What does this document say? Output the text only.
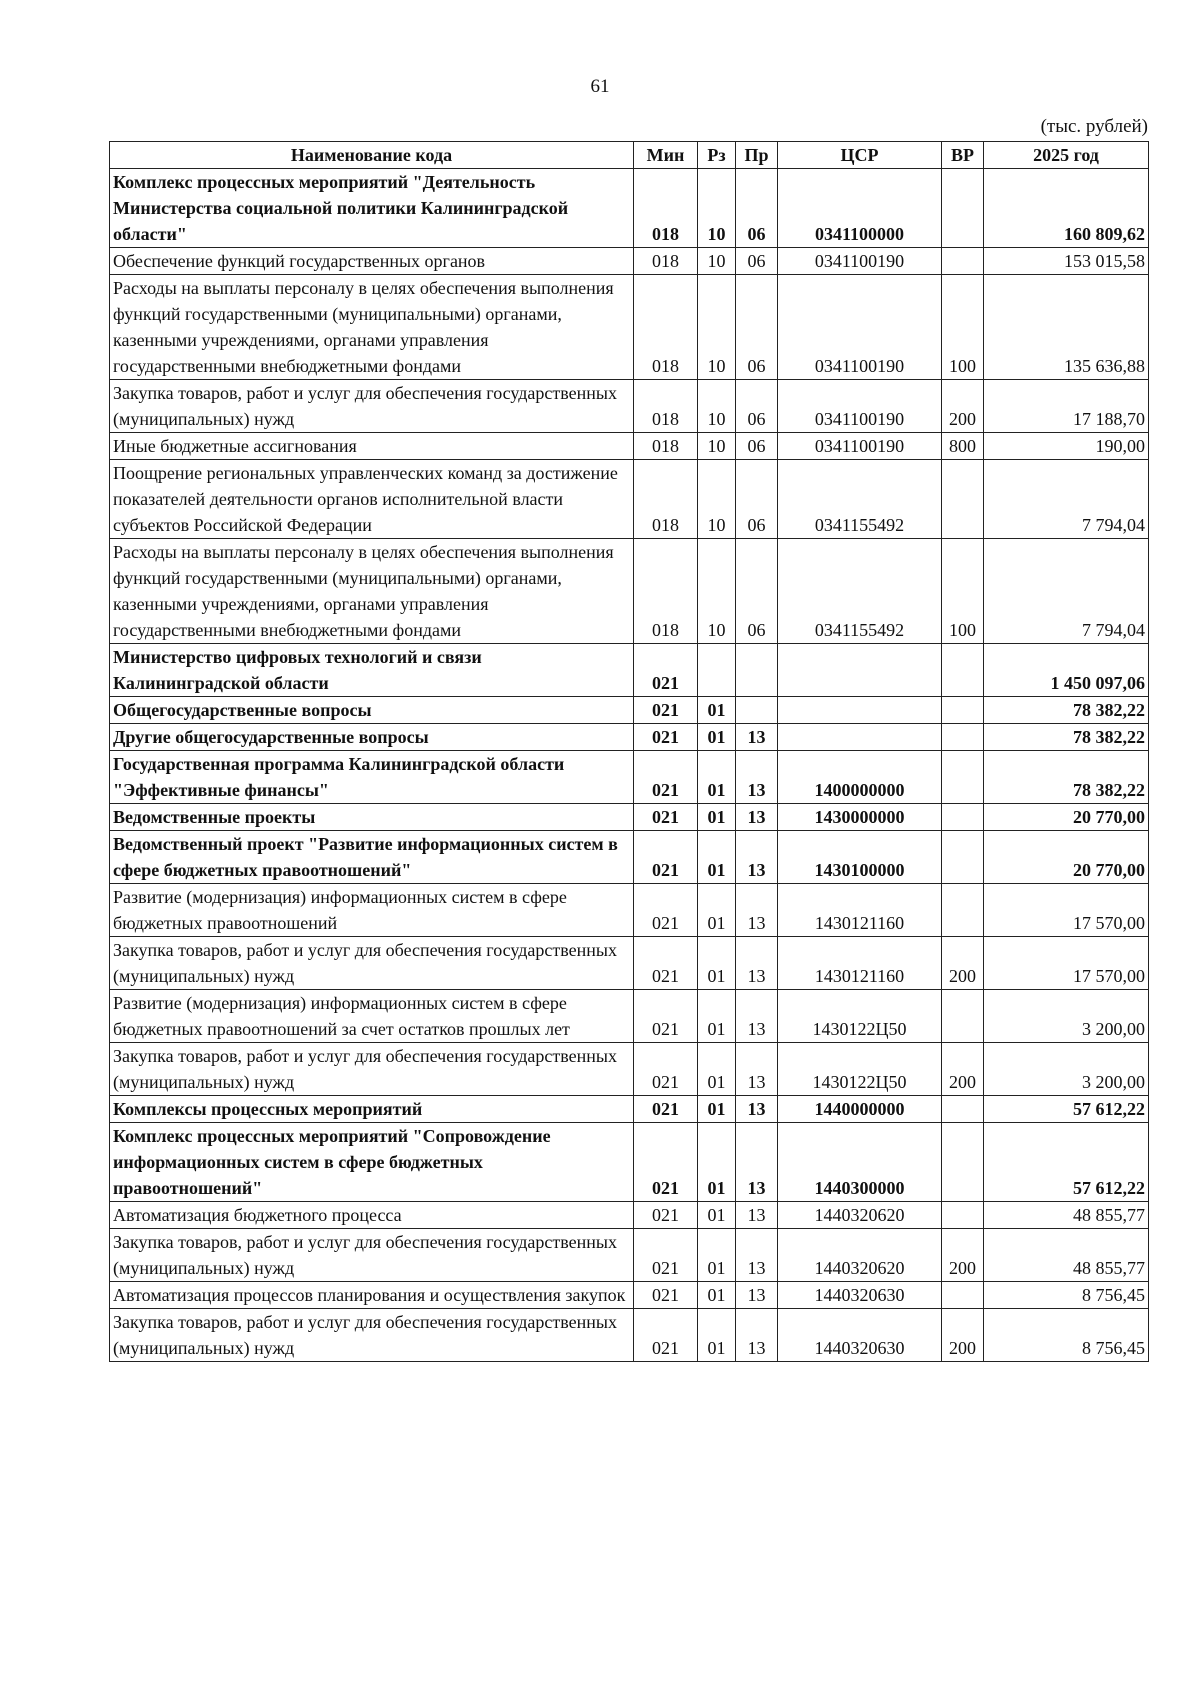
61
(тыс. рублей)
Наименование кода	Мин	Рз	Пр	ЦСР	ВР	2025 год
Комплекс процессных мероприятий "Деятельность Министерства социальной политики Калининградской области"	018	10	06	0341100000		160 809,62
Обеспечение функций государственных органов	018	10	06	0341100190		153 015,58
Расходы на выплаты персоналу в целях обеспечения выполнения функций государственными (муниципальными) органами, казенными учреждениями, органами управления государственными внебюджетными фондами	018	10	06	0341100190	100	135 636,88
Закупка товаров, работ и услуг для обеспечения государственных (муниципальных) нужд	018	10	06	0341100190	200	17 188,70
Иные бюджетные ассигнования	018	10	06	0341100190	800	190,00
Поощрение региональных управленческих команд за достижение показателей деятельности органов исполнительной власти субъектов Российской Федерации	018	10	06	0341155492		7 794,04
Расходы на выплаты персоналу в целях обеспечения выполнения функций государственными (муниципальными) органами, казенными учреждениями, органами управления государственными внебюджетными фондами	018	10	06	0341155492	100	7 794,04
Министерство цифровых технологий и связи Калининградской области	021					1 450 097,06
Общегосударственные вопросы	021	01				78 382,22
Другие общегосударственные вопросы	021	01	13			78 382,22
Государственная программа Калининградской области "Эффективные финансы"	021	01	13	1400000000		78 382,22
Ведомственные проекты	021	01	13	1430000000		20 770,00
Ведомственный проект "Развитие информационных систем в сфере бюджетных правоотношений"	021	01	13	1430100000		20 770,00
Развитие (модернизация) информационных систем в сфере бюджетных правоотношений	021	01	13	1430121160		17 570,00
Закупка товаров, работ и услуг для обеспечения государственных (муниципальных) нужд	021	01	13	1430121160	200	17 570,00
Развитие (модернизация) информационных систем в сфере бюджетных правоотношений за счет остатков прошлых лет	021	01	13	1430122Ц50		3 200,00
Закупка товаров, работ и услуг для обеспечения государственных (муниципальных) нужд	021	01	13	1430122Ц50	200	3 200,00
Комплексы процессных мероприятий	021	01	13	1440000000		57 612,22
Комплекс процессных мероприятий "Сопровождение информационных систем в сфере бюджетных правоотношений"	021	01	13	1440300000		57 612,22
Автоматизация бюджетного процесса	021	01	13	1440320620		48 855,77
Закупка товаров, работ и услуг для обеспечения государственных (муниципальных) нужд	021	01	13	1440320620	200	48 855,77
Автоматизация процессов планирования и осуществления закупок	021	01	13	1440320630		8 756,45
Закупка товаров, работ и услуг для обеспечения государственных (муниципальных) нужд	021	01	13	1440320630	200	8 756,45
